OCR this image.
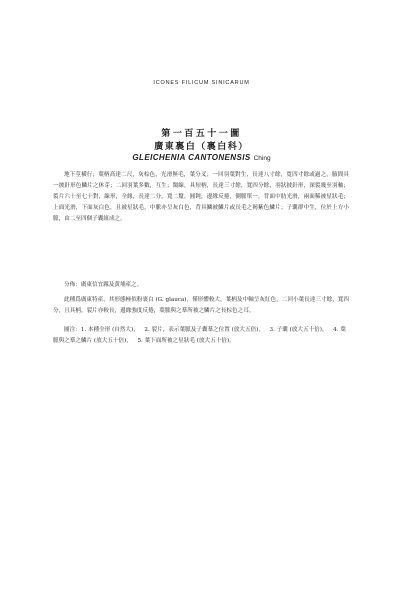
ICONES FILICUM SINICARUM
第一百五十一圖
廣東裏白（裏白科）
GLEICHENIA CANTONENSIS Ching

地下莖橫行；葉柄高達二尺，灰棕色，光滑無毛，葉分叉；一回羽葉對生，長達八寸餘，寬四寸餘或過之，腋間具一披針形色鱗片之休芽；二回羽葉多數，互生；闊線，具短柄，長達三寸餘，寬四分餘，羽狀披針形，深裂幾至羽軸；裂片六十至七十對，線形，全緣，長達二分，寬二釐，圓鈍，邊緣反捲，側脈單一，背面中肋光滑，兩面稀被星狀毛；上面光滑，下面灰白色，且被星狀毛，中脈亦呈灰白色，背具鱗被鱗片或長毛之褐紫色鱗片；子囊群中生，位於上方小脈，由二至四個子囊組成之。

分佈：廣東信宜縣及黃埔產之。

此種爲廣東特產，其形態極似粉裏白 (G. glauca)，僅形體較大，葉柄及中軸呈灰紅色，二回小葉長達三寸餘，寬四分，且具柄，裂片亦較長，邊緣強度反捲，葉脈與之羣所被之鱗片之長棕色之耳。

圖注：1. 本種全形 (自然大)，  2. 裂片，表示葉脈及子囊羣之位置 (放大五倍)，  3. 子囊 (放大五十倍)，  4. 葉脈與之羣之鱗片 (放大五十倍)，  5. 葉下面所被之星狀毛 (放大五十倍)。
